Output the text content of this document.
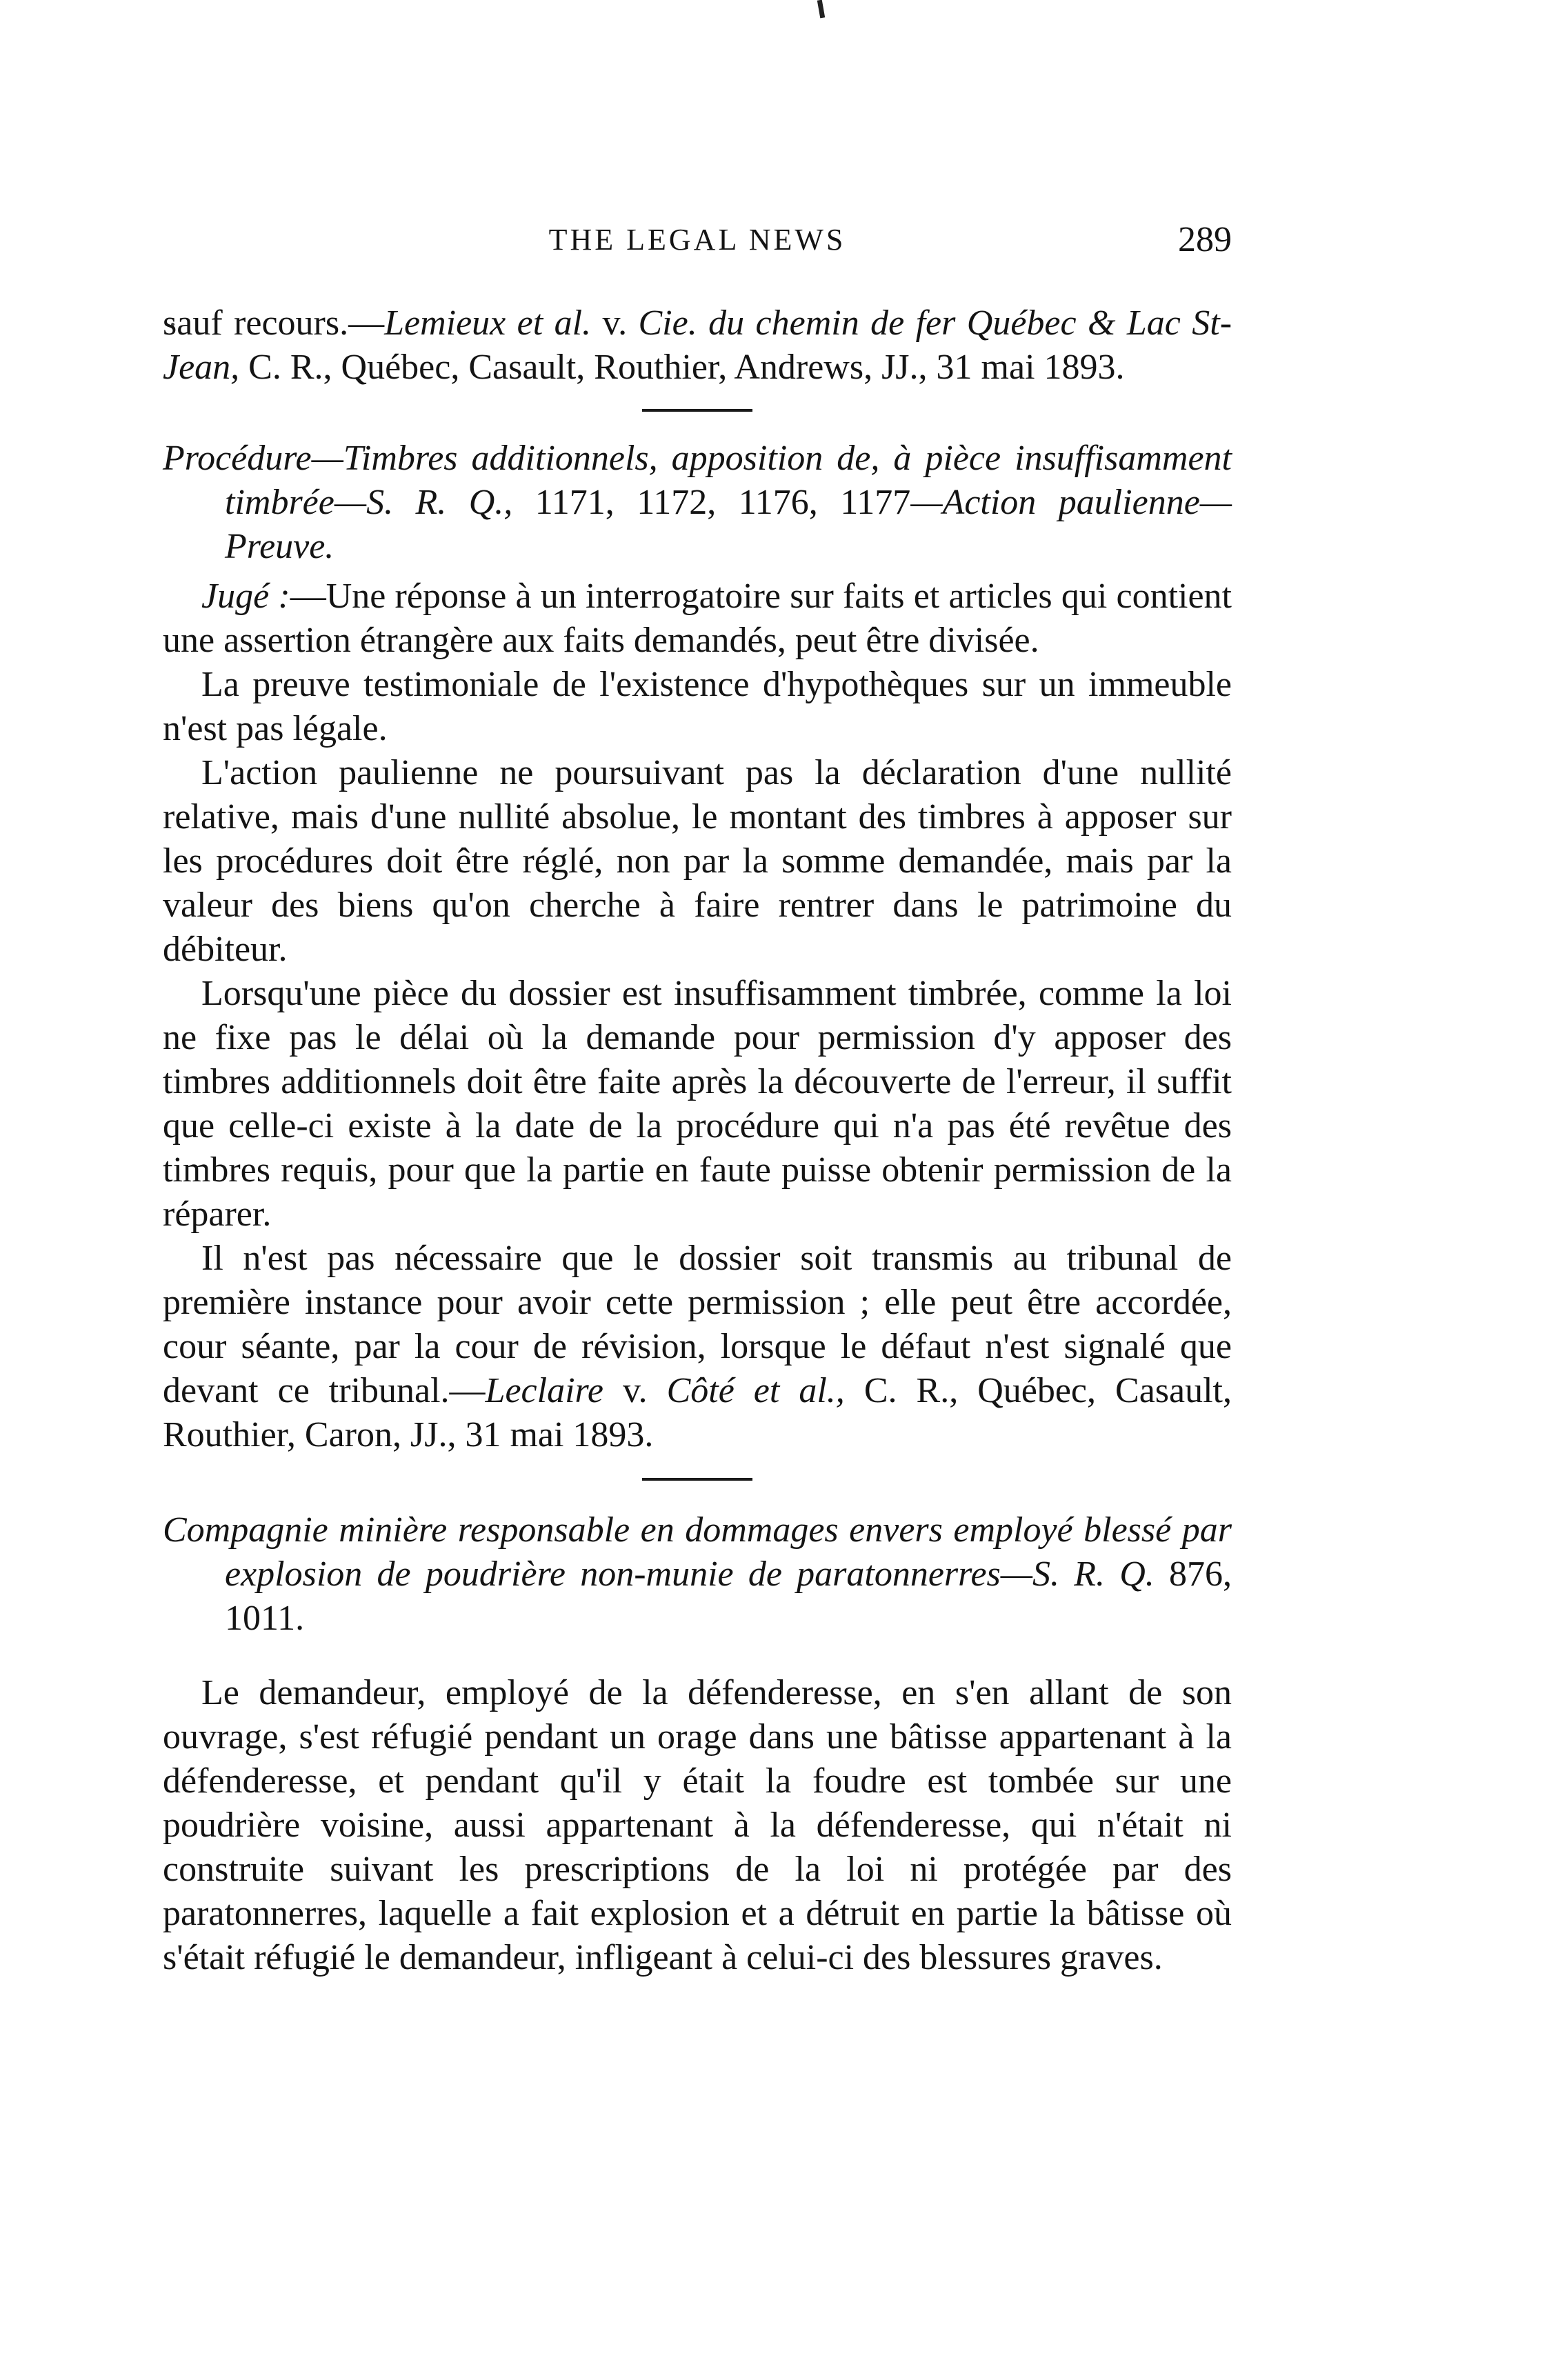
THE LEGAL NEWS	289

sauf recours.—Lemieux et al. v. Cie. du chemin de fer Québec & Lac St-Jean, C. R., Québec, Casault, Routhier, Andrews, JJ., 31 mai 1893.

Procédure—Timbres additionnels, apposition de, à pièce insuffisamment timbrée—S. R. Q., 1171, 1172, 1176, 1177—Action paulienne—Preuve.

Jugé :—Une réponse à un interrogatoire sur faits et articles qui contient une assertion étrangère aux faits demandés, peut être divisée.

La preuve testimoniale de l'existence d'hypothèques sur un immeuble n'est pas légale.

L'action paulienne ne poursuivant pas la déclaration d'une nullité relative, mais d'une nullité absolue, le montant des timbres à apposer sur les procédures doit être réglé, non par la somme demandée, mais par la valeur des biens qu'on cherche à faire rentrer dans le patrimoine du débiteur.

Lorsqu'une pièce du dossier est insuffisamment timbrée, comme la loi ne fixe pas le délai où la demande pour permission d'y apposer des timbres additionnels doit être faite après la découverte de l'erreur, il suffit que celle-ci existe à la date de la procédure qui n'a pas été revêtue des timbres requis, pour que la partie en faute puisse obtenir permission de la réparer.

Il n'est pas nécessaire que le dossier soit transmis au tribunal de première instance pour avoir cette permission ; elle peut être accordée, cour séante, par la cour de révision, lorsque le défaut n'est signalé que devant ce tribunal.—Leclaire v. Côté et al., C. R., Québec, Casault, Routhier, Caron, JJ., 31 mai 1893.

Compagnie minière responsable en dommages envers employé blessé par explosion de poudrière non-munie de paratonnerres—S. R. Q. 876, 1011.

Le demandeur, employé de la défenderesse, en s'en allant de son ouvrage, s'est réfugié pendant un orage dans une bâtisse appartenant à la défenderesse, et pendant qu'il y était la foudre est tombée sur une poudrière voisine, aussi appartenant à la défenderesse, qui n'était ni construite suivant les prescriptions de la loi ni protégée par des paratonnerres, laquelle a fait explosion et a détruit en partie la bâtisse où s'était réfugié le demandeur, infligeant à celui-ci des blessures graves.
